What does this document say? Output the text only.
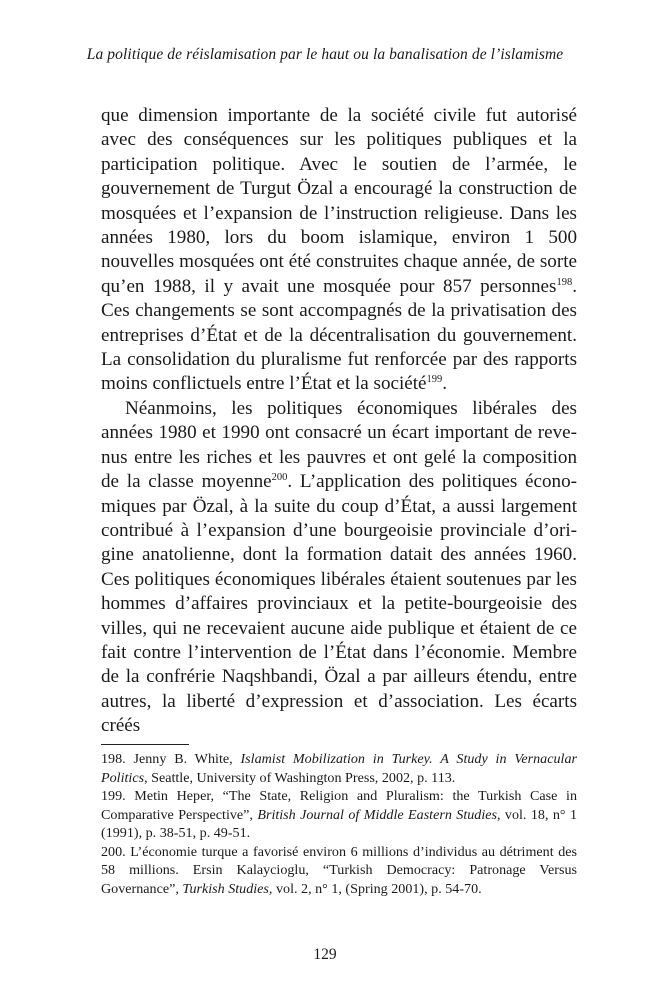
La politique de réislamisation par le haut ou la banalisation de l’islamisme

que dimension importante de la société civile fut autorisé avec des conséquences sur les politiques publiques et la participation politique. Avec le soutien de l’armée, le gouvernement de Turgut Özal a encouragé la construction de mosquées et l’expansion de l’instruction religieuse. Dans les années 1980, lors du boom islamique, environ 1 500 nouvelles mosquées ont été construites chaque année, de sorte qu’en 1988, il y avait une mosquée pour 857 personnes$^{198}$. Ces changements se sont accompagnés de la privatisation des entreprises d’État et de la décentralisation du gouvernement. La consolidation du pluralisme fut renforcée par des rapports moins conflictuels entre l’État et la société$^{199}$.

Néanmoins, les politiques économiques libérales des années 1980 et 1990 ont consacré un écart important de revenus entre les riches et les pauvres et ont gelé la composition de la classe moyenne$^{200}$. L’application des politiques économiques par Özal, à la suite du coup d’État, a aussi largement contribué à l’expansion d’une bourgeoisie provinciale d’origine anatolienne, dont la formation datait des années 1960. Ces politiques économiques libérales étaient soutenues par les hommes d’affaires provinciaux et la petite-bourgeoisie des villes, qui ne recevaient aucune aide publique et étaient de ce fait contre l’intervention de l’État dans l’économie. Membre de la confrérie Naqshbandi, Özal a par ailleurs étendu, entre autres, la liberté d’expression et d’association. Les écarts créés

198. Jenny B. White, Islamist Mobilization in Turkey. A Study in Vernacular Politics, Seattle, University of Washington Press, 2002, p. 113.

199. Metin Heper, “The State, Religion and Pluralism: the Turkish Case in Comparative Perspective”, British Journal of Middle Eastern Studies, vol. 18, n° 1 (1991), p. 38-51, p. 49-51.

200. L’économie turque a favorisé environ 6 millions d’individus au détriment des 58 millions. Ersin Kalaycioglu, “Turkish Democracy: Patronage Versus Governance”, Turkish Studies, vol. 2, n° 1, (Spring 2001), p. 54-70.

129
